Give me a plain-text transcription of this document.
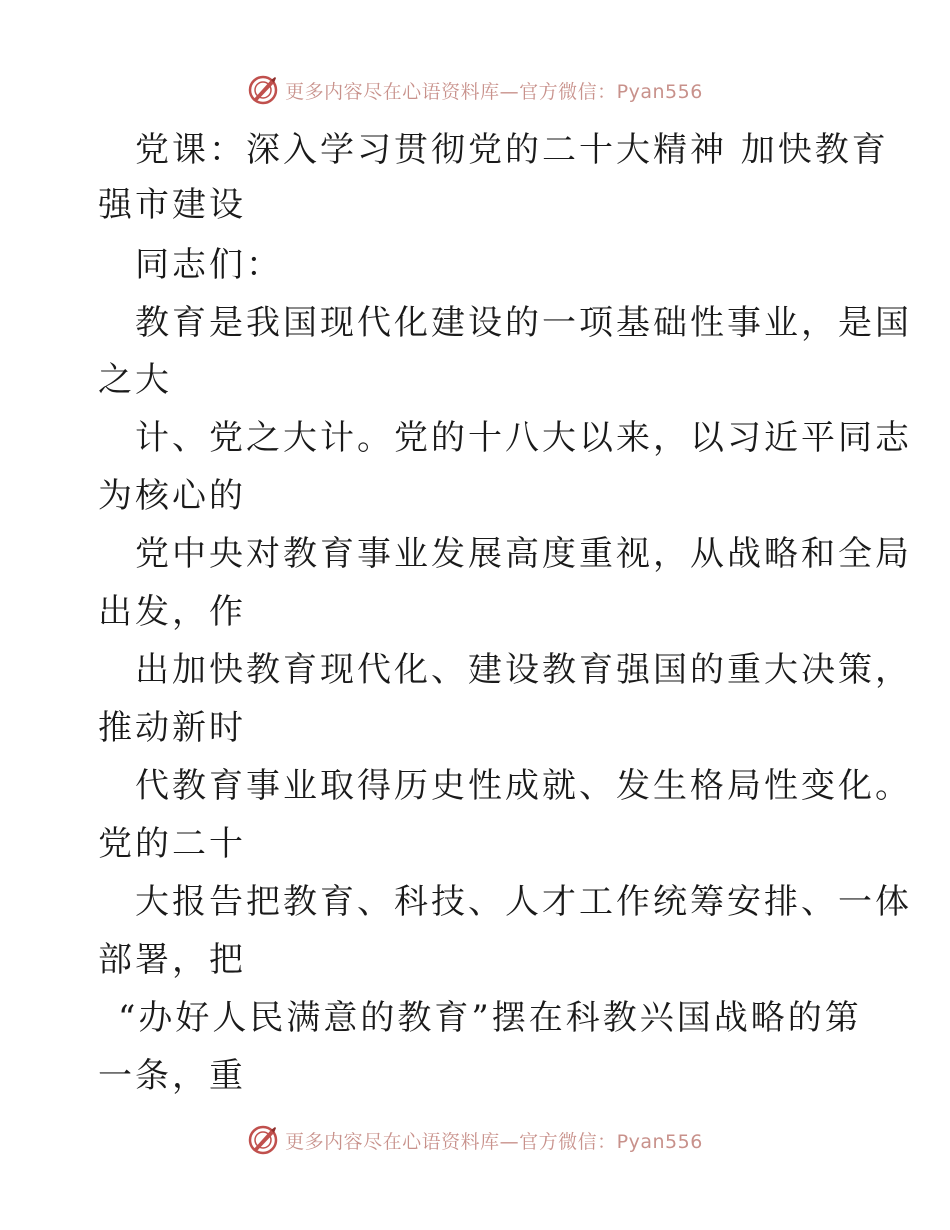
更多内容尽在心语资料库—官方微信：Pyan556
党课：深入学习贯彻党的二十大精神 加快教育
强市建设
同志们：
教育是我国现代化建设的一项基础性事业，是国
之大
计、党之大计。党的十八大以来，以习近平同志
为核心的
党中央对教育事业发展高度重视，从战略和全局
出发，作
出加快教育现代化、建设教育强国的重大决策，
推动新时
代教育事业取得历史性成就、发生格局性变化。
党的二十
大报告把教育、科技、人才工作统筹安排、一体
部署，把
“办好人民满意的教育”摆在科教兴国战略的第
一条，重
更多内容尽在心语资料库—官方微信：Pyan556
